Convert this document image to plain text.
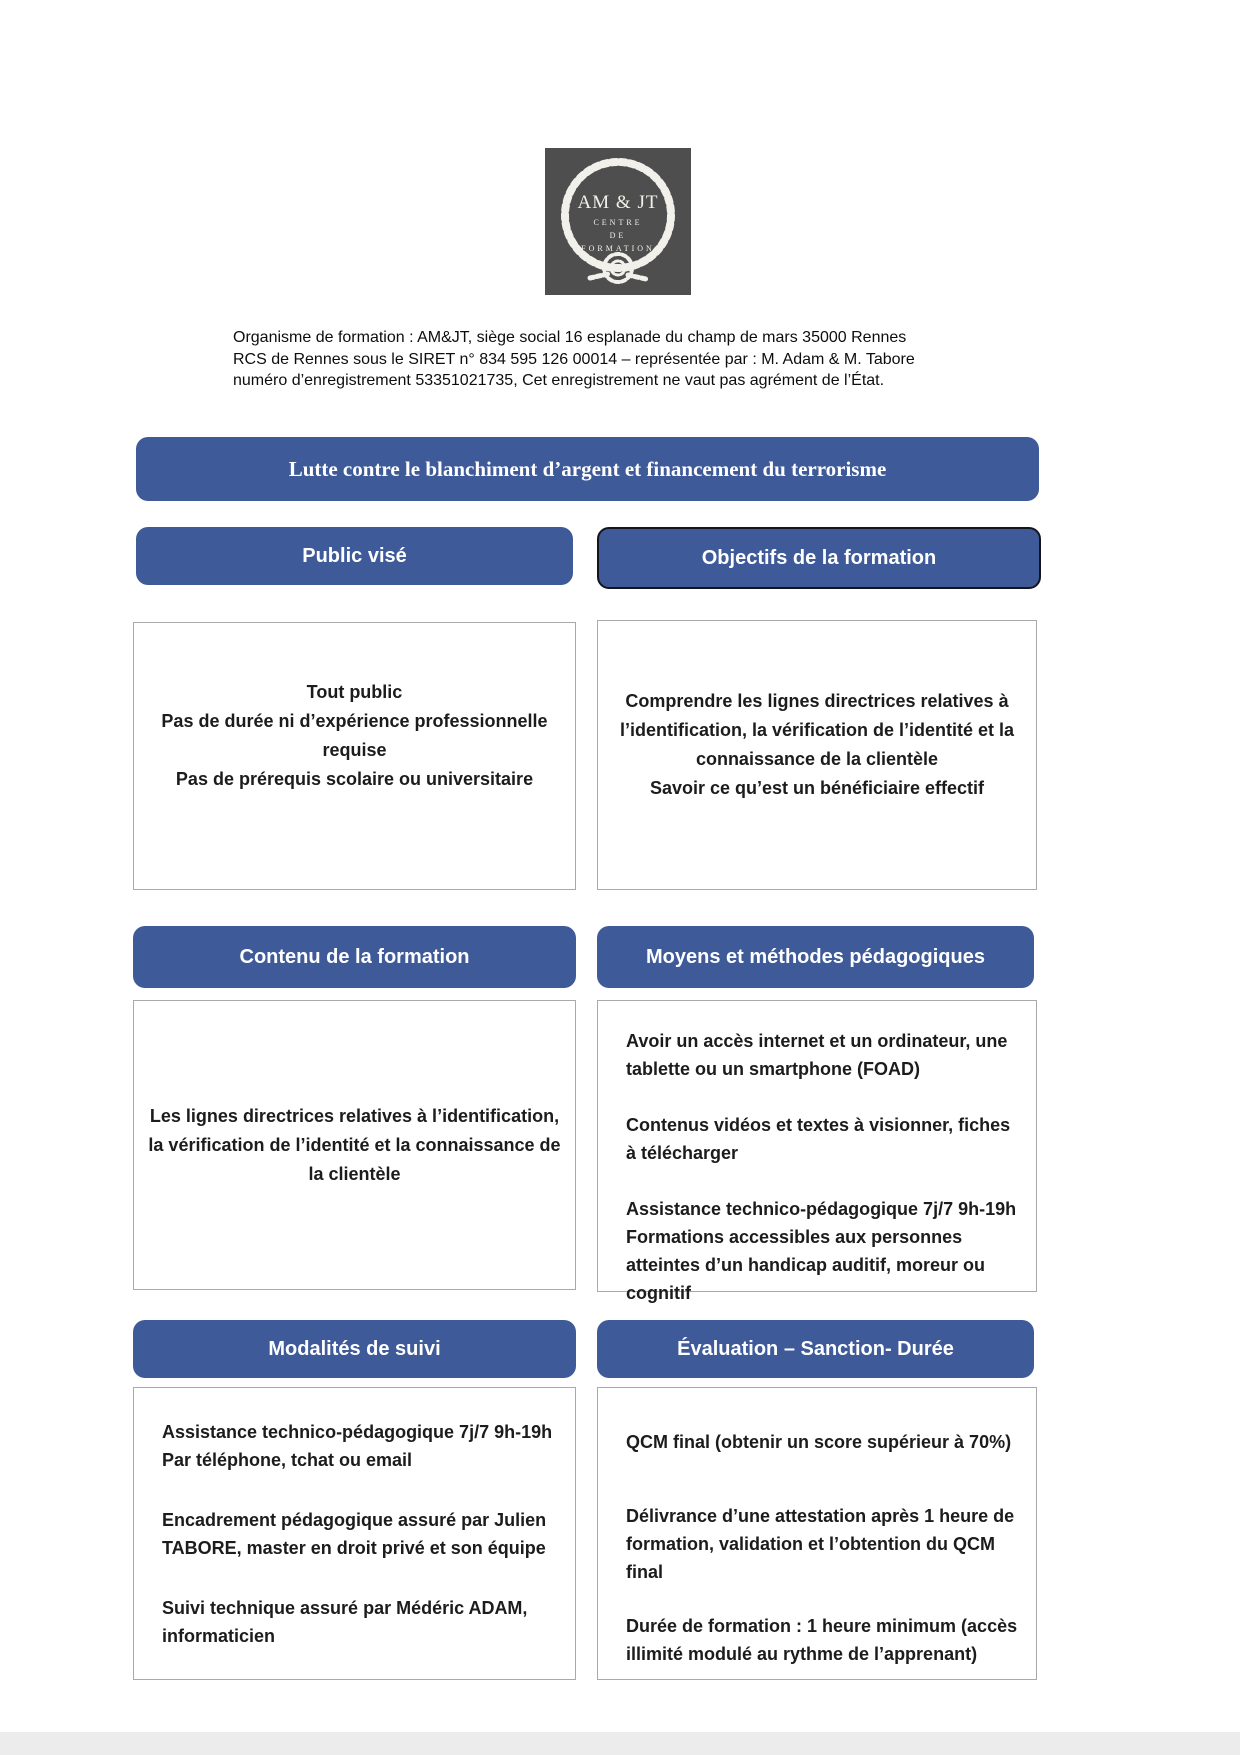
AM & JT
CENTRE
DE
FORMATION
Organisme de formation : AM&JT, siège social 16 esplanade du champ de mars 35000 Rennes
RCS de Rennes sous le SIRET n° 834 595 126 00014 – représentée par : M. Adam & M. Tabore
numéro d’enregistrement 53351021735, Cet enregistrement ne vaut pas agrément de l’État.
Lutte contre le blanchiment d’argent et financement du terrorisme
Public visé	Objectifs de la formation
Tout public
Pas de durée ni d’expérience professionnelle requise
Pas de prérequis scolaire ou universitaire
Comprendre les lignes directrices relatives à l’identification, la vérification de l’identité et la connaissance de la clientèle
Savoir ce qu’est un bénéficiaire effectif
Contenu de la formation	Moyens et méthodes pédagogiques
Les lignes directrices relatives à l’identification, la vérification de l’identité et la connaissance de la clientèle

Avoir un accès internet et un ordinateur, une tablette ou un smartphone (FOAD)

Contenus vidéos et textes à visionner, fiches à télécharger

Assistance technico-pédagogique 7j/7 9h-19h

Formations accessibles aux personnes atteintes d’un handicap auditif, moreur ou cognitif

Modalités de suivi	Évaluation – Sanction- Durée

Assistance technico-pédagogique 7j/7 9h-19h

Par téléphone, tchat ou email

Encadrement pédagogique assuré par Julien TABORE, master en droit privé et son équipe

Suivi technique assuré par Médéric ADAM,

informaticien

QCM final (obtenir un score supérieur à 70%)

Délivrance d’une attestation après 1 heure de formation, validation et l’obtention du QCM final

Durée de formation : 1 heure minimum (accès illimité modulé au rythme de l’apprenant)
